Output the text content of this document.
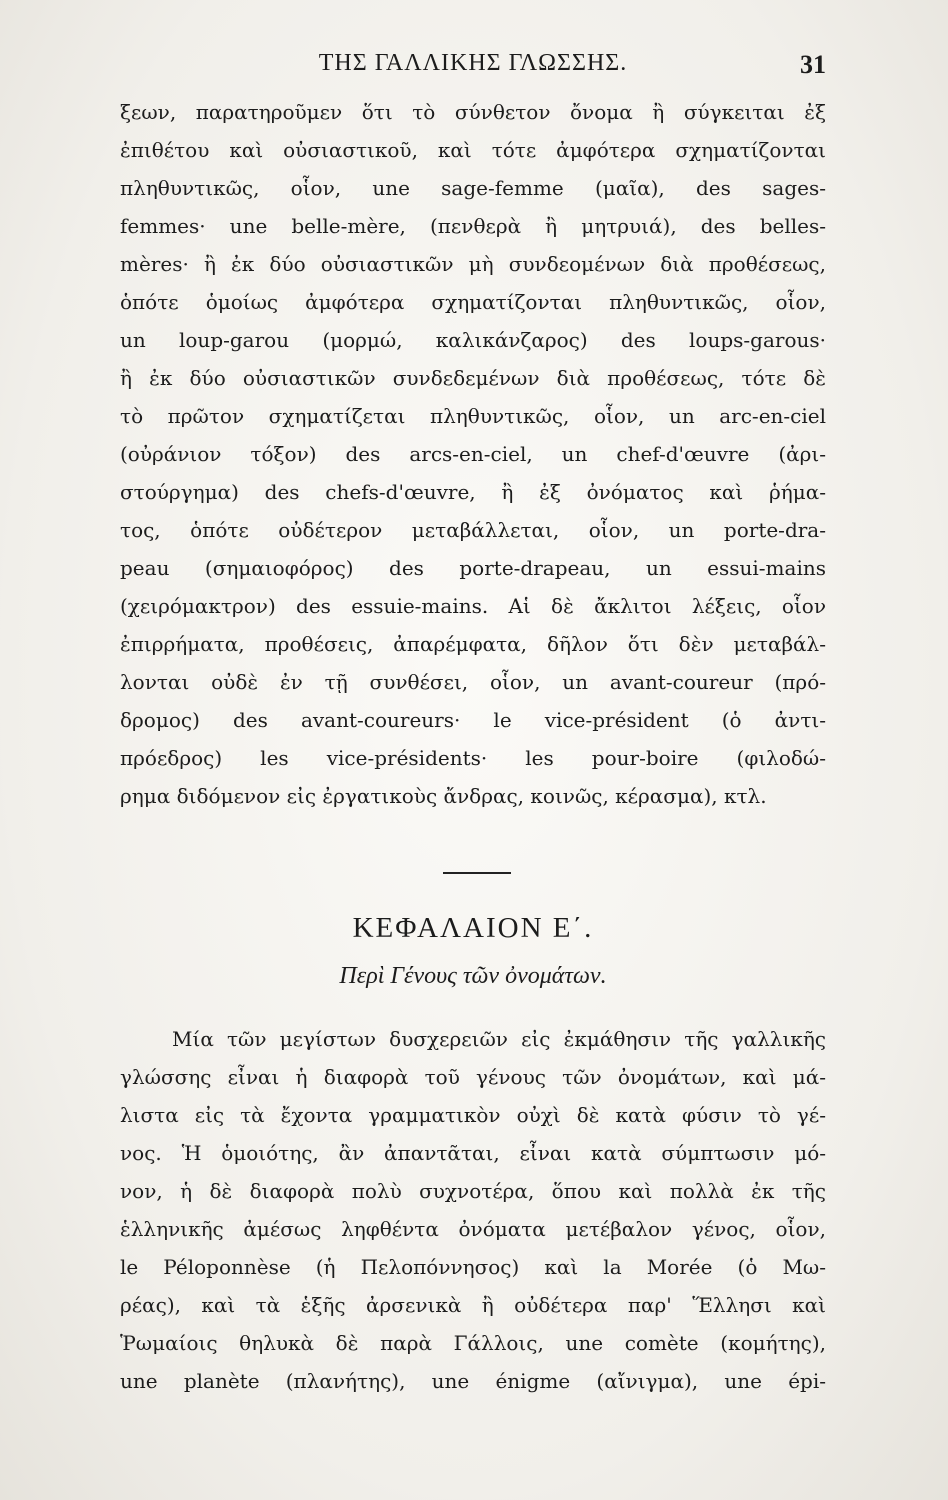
ΤΗΣ ΓΑΛΛΙΚΗΣ ΓΛΩΣΣΗΣ.	31
ξεων, παρατηροῦμεν ὅτι τὸ σύνθετον ὄνομα ἢ σύγκειται ἐξ
ἐπιθέτου καὶ οὐσιαστικοῦ, καὶ τότε ἀμφότερα σχηματίζονται
πληθυντικῶς, οἷον, une sage-femme (μαῖα), des sages-
femmes· une belle-mère, (πενθερὰ ἢ μητρυιά), des belles-
mères· ἢ ἐκ δύο οὐσιαστικῶν μὴ συνδεομένων διὰ προθέσεως,
ὁπότε ὁμοίως ἀμφότερα σχηματίζονται πληθυντικῶς, οἷον,
un loup-garou (μορμώ, καλικάνζαρος) des loups-garous·
ἢ ἐκ δύο οὐσιαστικῶν συνδεδεμένων διὰ προθέσεως, τότε δὲ
τὸ πρῶτον σχηματίζεται πληθυντικῶς, οἷον, un arc-en-ciel
(οὐράνιον τόξον) des arcs-en-ciel, un chef-d'œuvre (ἀρι-
στούργημα) des chefs-d'œuvre, ἢ ἐξ ὀνόματος καὶ ῥήμα-
τος, ὁπότε οὐδέτερον μεταβάλλεται, οἷον, un porte-dra-
peau (σημαιοφόρος) des porte-drapeau, un essui-mains
(χειρόμακτρον) des essuie-mains. Αἱ δὲ ἄκλιτοι λέξεις, οἷον
ἐπιρρήματα, προθέσεις, ἀπαρέμφατα, δῆλον ὅτι δὲν μεταβάλ-
λονται οὐδὲ ἐν τῇ συνθέσει, οἷον, un avant-coureur (πρό-
δρομος) des avant-coureurs· le vice-président (ὁ ἀντι-
πρόεδρος) les vice-présidents· les pour-boire (φιλοδώ-
ρημα διδόμενον εἰς ἐργατικοὺς ἄνδρας, κοινῶς, κέρασμα), κτλ.
ΚΕΦΑΛΑΙΟΝ Ε΄.
Περὶ Γένους τῶν ὀνομάτων.
Μία τῶν μεγίστων δυσχερειῶν εἰς ἐκμάθησιν τῆς γαλλικῆς
γλώσσης εἶναι ἡ διαφορὰ τοῦ γένους τῶν ὀνομάτων, καὶ μά-
λιστα εἰς τὰ ἔχοντα γραμματικὸν οὐχὶ δὲ κατὰ φύσιν τὸ γέ-
νος. Ἡ ὁμοιότης, ἂν ἀπαντᾶται, εἶναι κατὰ σύμπτωσιν μό-
νον, ἡ δὲ διαφορὰ πολὺ συχνοτέρα, ὅπου καὶ πολλὰ ἐκ τῆς
ἑλληνικῆς ἀμέσως ληφθέντα ὀνόματα μετέβαλον γένος, οἷον,
le Péloponnèse (ἡ Πελοπόννησος) καὶ la Morée (ὁ Μω-
ρέας), καὶ τὰ ἑξῆς ἀρσενικὰ ἢ οὐδέτερα παρ' Ἕλλησι καὶ
Ῥωμαίοις θηλυκὰ δὲ παρὰ Γάλλοις, une comète (κομήτης),
une planète (πλανήτης), une énigme (αἴνιγμα), une épi-
